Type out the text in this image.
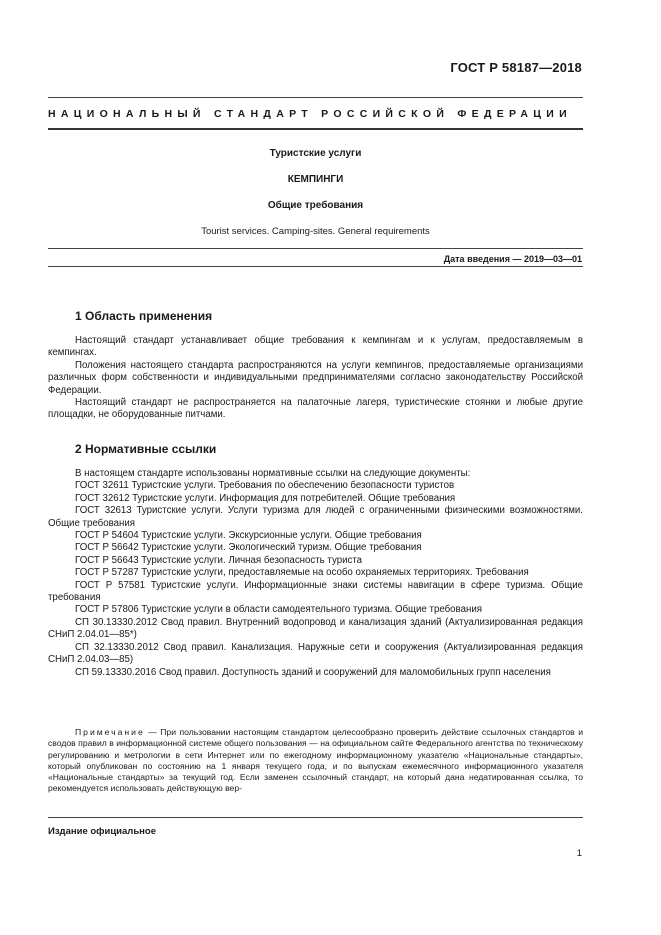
ГОСТ Р 58187—2018
НАЦИОНАЛЬНЫЙ СТАНДАРТ РОССИЙСКОЙ ФЕДЕРАЦИИ
Туристские услуги
КЕМПИНГИ
Общие требования
Tourist services. Camping-sites. General requirements
Дата введения — 2019—03—01
1 Область применения

Настоящий стандарт устанавливает общие требования к кемпингам и к услугам, предоставляемым в кемпингах.

Положения настоящего стандарта распространяются на услуги кемпингов, предоставляемые организациями различных форм собственности и индивидуальными предпринимателями согласно законодательству Российской Федерации.

Настоящий стандарт не распространяется на палаточные лагеря, туристические стоянки и любые другие площадки, не оборудованные питчами.

2 Нормативные ссылки

В настоящем стандарте использованы нормативные ссылки на следующие документы:

ГОСТ 32611 Туристские услуги. Требования по обеспечению безопасности туристов

ГОСТ 32612 Туристские услуги. Информация для потребителей. Общие требования

ГОСТ 32613 Туристские услуги. Услуги туризма для людей с ограниченными физическими возможностями. Общие требования

ГОСТ Р 54604 Туристские услуги. Экскурсионные услуги. Общие требования

ГОСТ Р 56642 Туристские услуги. Экологический туризм. Общие требования

ГОСТ Р 56643 Туристские услуги. Личная безопасность туриста

ГОСТ Р 57287 Туристские услуги, предоставляемые на особо охраняемых территориях. Требования

ГОСТ Р 57581 Туристские услуги. Информационные знаки системы навигации в сфере туризма. Общие требования

ГОСТ Р 57806 Туристские услуги в области самодеятельного туризма. Общие требования

СП 30.13330.2012 Свод правил. Внутренний водопровод и канализация зданий (Актуализированная редакция СНиП 2.04.01—85*)

СП 32.13330.2012 Свод правил. Канализация. Наружные сети и сооружения (Актуализированная редакция СНиП 2.04.03—85)

СП 59.13330.2016 Свод правил. Доступность зданий и сооружений для маломобильных групп населения

Примечание — При пользовании настоящим стандартом целесообразно проверить действие ссылочных стандартов и сводов правил в информационной системе общего пользования — на официальном сайте Федерального агентства по техническому регулированию и метрологии в сети Интернет или по ежегодному информационному указателю «Национальные стандарты», который опубликован по состоянию на 1 января текущего года, и по выпускам ежемесячного информационного указателя «Национальные стандарты» за текущий год. Если заменен ссылочный стандарт, на который дана недатированная ссылка, то рекомендуется использовать действующую вер-

Издание официальное
1
